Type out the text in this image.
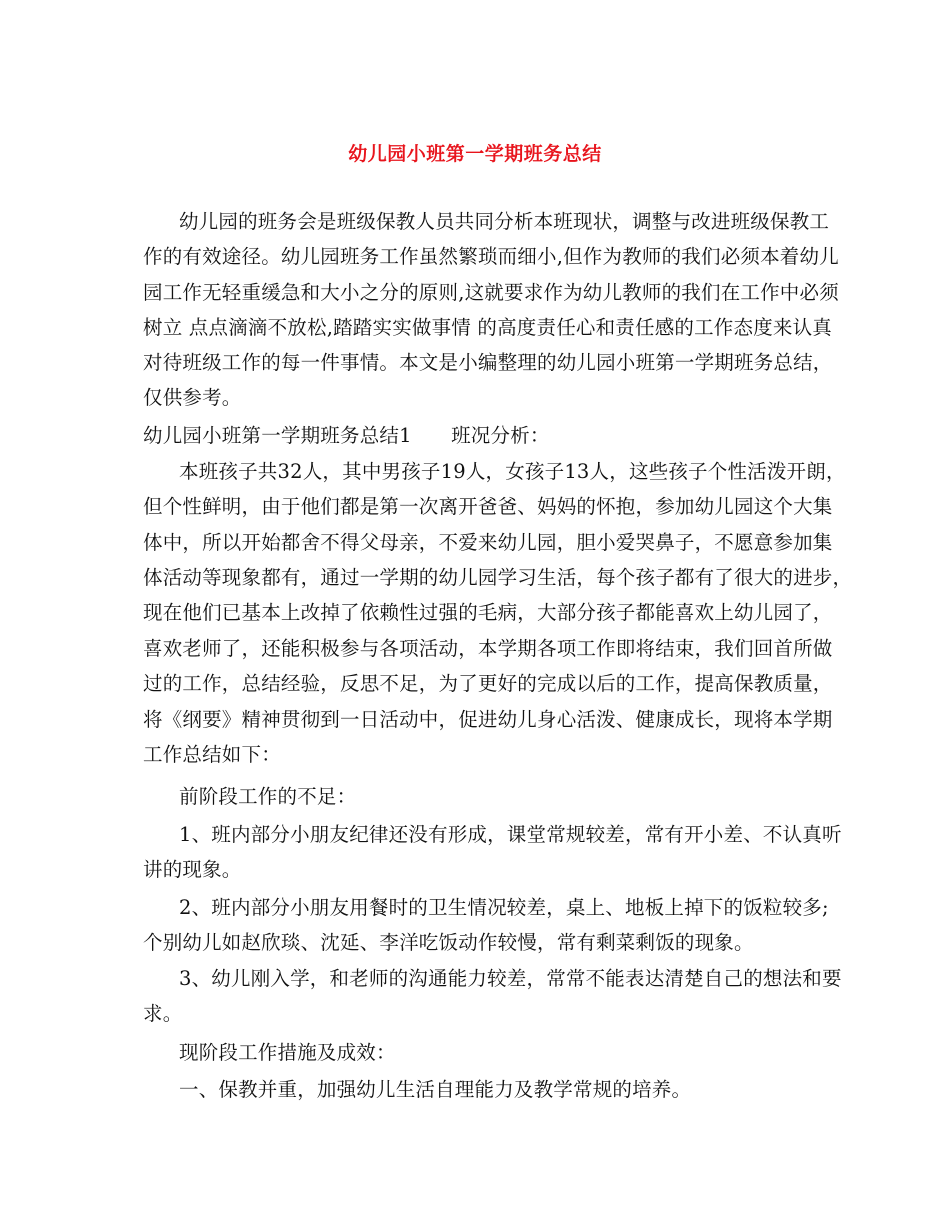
幼儿园小班第一学期班务总结
幼儿园的班务会是班级保教人员共同分析本班现状，调整与改进班级保教工
作的有效途径。幼儿园班务工作虽然繁琐而细小,但作为教师的我们必须本着幼儿
园工作无轻重缓急和大小之分的原则,这就要求作为幼儿教师的我们在工作中必须
树立 点点滴滴不放松,踏踏实实做事情 的高度责任心和责任感的工作态度来认真
对待班级工作的每一件事情。本文是小编整理的幼儿园小班第一学期班务总结，
仅供参考。
幼儿园小班第一学期班务总结1　　班况分析：
本班孩子共32人，其中男孩子19人，女孩子13人，这些孩子个性活泼开朗，
但个性鲜明，由于他们都是第一次离开爸爸、妈妈的怀抱，参加幼儿园这个大集
体中，所以开始都舍不得父母亲，不爱来幼儿园，胆小爱哭鼻子，不愿意参加集
体活动等现象都有，通过一学期的幼儿园学习生活，每个孩子都有了很大的进步，
现在他们已基本上改掉了依赖性过强的毛病，大部分孩子都能喜欢上幼儿园了，
喜欢老师了，还能积极参与各项活动，本学期各项工作即将结束，我们回首所做
过的工作，总结经验，反思不足，为了更好的完成以后的工作，提高保教质量，
将《纲要》精神贯彻到一日活动中，促进幼儿身心活泼、健康成长，现将本学期
工作总结如下：
前阶段工作的不足：
1、班内部分小朋友纪律还没有形成，课堂常规较差，常有开小差、不认真听
讲的现象。
2、班内部分小朋友用餐时的卫生情况较差，桌上、地板上掉下的饭粒较多;
个别幼儿如赵欣琰、沈延、李洋吃饭动作较慢，常有剩菜剩饭的现象。
3、幼儿刚入学，和老师的沟通能力较差，常常不能表达清楚自己的想法和要
求。
现阶段工作措施及成效：
一、保教并重，加强幼儿生活自理能力及教学常规的培养。
